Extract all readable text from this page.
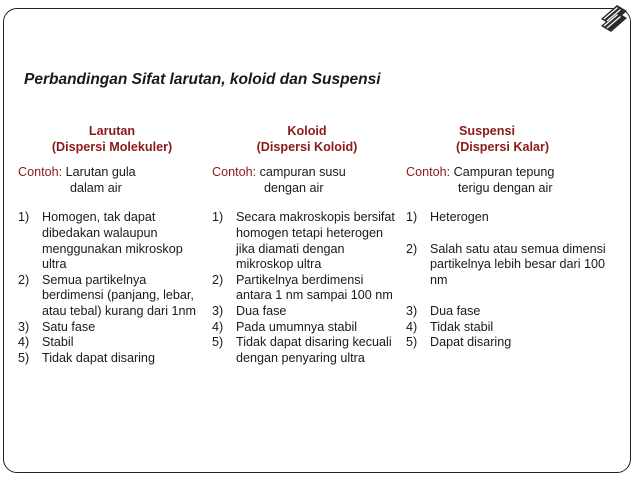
Perbandingan Sifat larutan, koloid dan Suspensi
Larutan
(Dispersi Molekuler)
Contoh: Larutan gula
dalam air
1) Homogen, tak dapat dibedakan walaupun menggunakan mikroskop ultra
2) Semua partikelnya berdimensi (panjang, lebar, atau tebal) kurang dari 1nm
3) Satu fase
4) Stabil
5) Tidak dapat disaring
Koloid
(Dispersi Koloid)
Contoh: campuran susu
dengan air
1) Secara makroskopis bersifat homogen tetapi heterogen jika diamati dengan mikroskop ultra
2) Partikelnya berdimensi antara 1 nm sampai 100 nm
3) Dua fase
4) Pada umumnya stabil
5) Tidak dapat disaring kecuali dengan penyaring ultra
Suspensi
(Dispersi Kalar)
Contoh: Campuran tepung
terigu dengan air
1) Heterogen
2) Salah satu atau semua dimensi partikelnya lebih besar dari 100 nm
3) Dua fase
4) Tidak stabil
5) Dapat disaring
